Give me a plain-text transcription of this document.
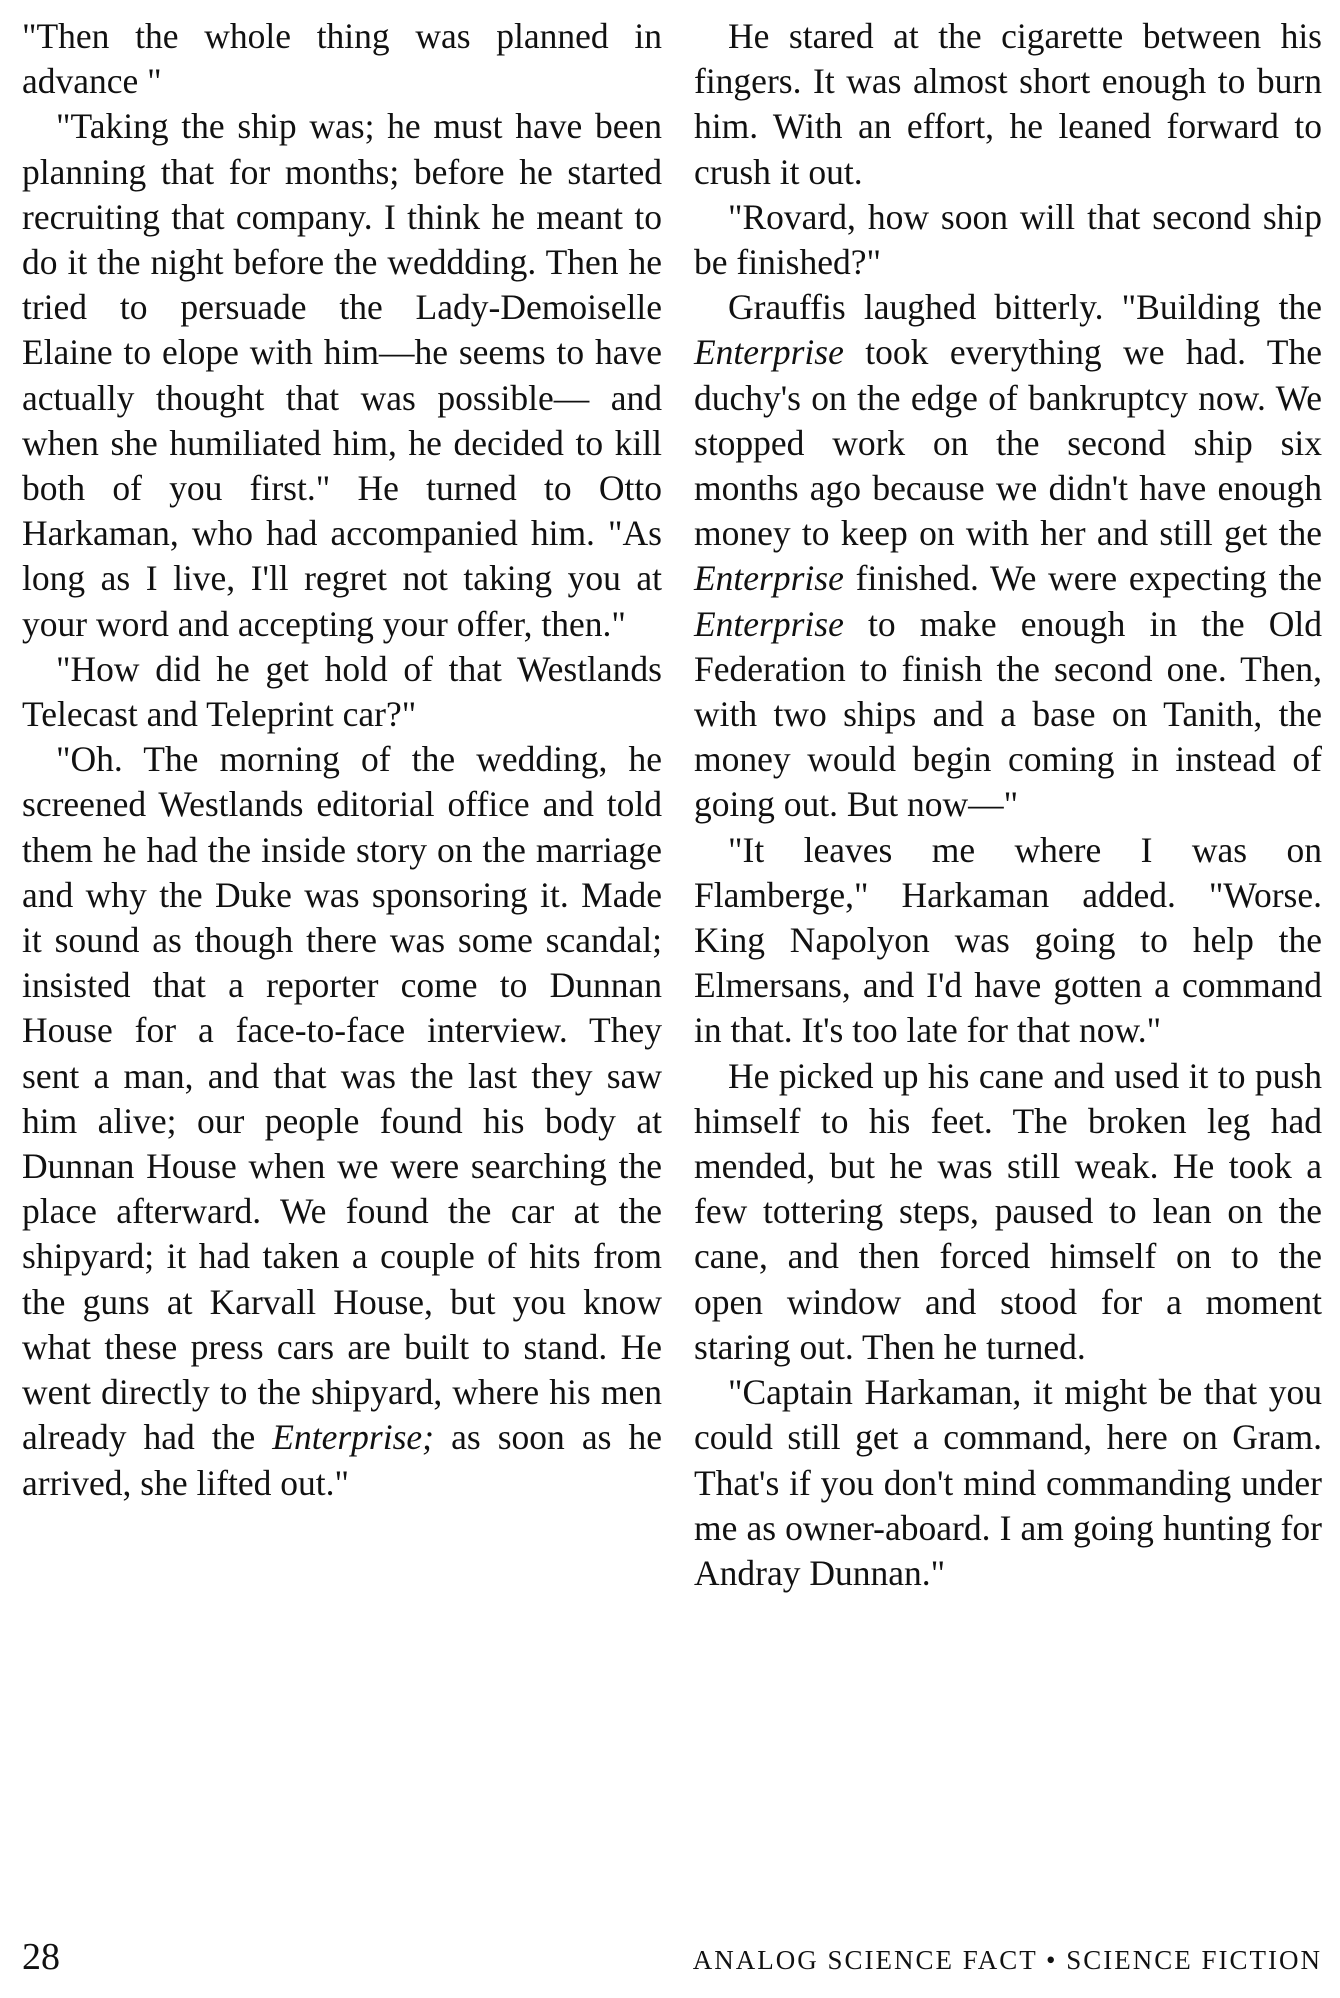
"Then the whole thing was planned in advance "

"Taking the ship was; he must have been planning that for months; before he started recruiting that company. I think he meant to do it the night before the weddding. Then he tried to persuade the Lady-Demoiselle Elaine to elope with him—he seems to have actually thought that was possible— and when she humiliated him, he decided to kill both of you first." He turned to Otto Harkaman, who had accompanied him. "As long as I live, I'll regret not taking you at your word and accepting your offer, then."

"How did he get hold of that Westlands Telecast and Teleprint car?"

"Oh. The morning of the wedding, he screened Westlands editorial office and told them he had the inside story on the marriage and why the Duke was sponsoring it. Made it sound as though there was some scandal; insisted that a reporter come to Dunnan House for a face-to-face interview. They sent a man, and that was the last they saw him alive; our people found his body at Dunnan House when we were searching the place afterward. We found the car at the shipyard; it had taken a couple of hits from the guns at Karvall House, but you know what these press cars are built to stand. He went directly to the shipyard, where his men already had the Enterprise; as soon as he arrived, she lifted out."

He stared at the cigarette between his fingers. It was almost short enough to burn him. With an effort, he leaned forward to crush it out.

"Rovard, how soon will that second ship be finished?"

Grauffis laughed bitterly. "Building the Enterprise took everything we had. The duchy's on the edge of bankruptcy now. We stopped work on the second ship six months ago because we didn't have enough money to keep on with her and still get the Enterprise finished. We were expecting the Enterprise to make enough in the Old Federation to finish the second one. Then, with two ships and a base on Tanith, the money would begin coming in instead of going out. But now—"

"It leaves me where I was on Flamberge," Harkaman added. "Worse. King Napolyon was going to help the Elmersans, and I'd have gotten a command in that. It's too late for that now."

He picked up his cane and used it to push himself to his feet. The broken leg had mended, but he was still weak. He took a few tottering steps, paused to lean on the cane, and then forced himself on to the open window and stood for a moment staring out. Then he turned.

"Captain Harkaman, it might be that you could still get a command, here on Gram. That's if you don't mind commanding under me as owner-aboard. I am going hunting for Andray Dunnan."

28	ANALOG SCIENCE FACT • SCIENCE FICTION
